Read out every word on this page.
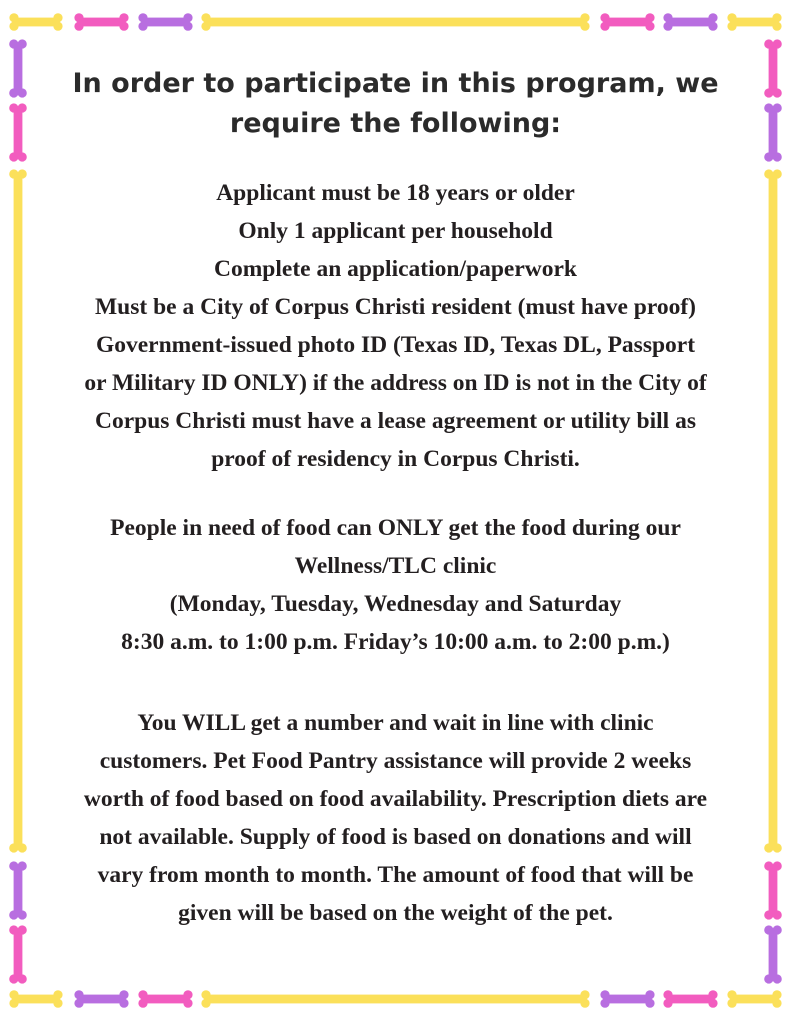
In order to participate in this program, we
require the following:
Applicant must be 18 years or older
Only 1 applicant per household
Complete an application/paperwork
Must be a City of Corpus Christi resident (must have proof)
Government-issued photo ID (Texas ID, Texas DL, Passport
or Military ID ONLY) if the address on ID is not in the City of
Corpus Christi must have a lease agreement or utility bill as
proof of residency in Corpus Christi.
People in need of food can ONLY get the food during our
Wellness/TLC clinic
(Monday, Tuesday, Wednesday and Saturday
8:30 a.m. to 1:00 p.m. Friday’s 10:00 a.m. to 2:00 p.m.)
You WILL get a number and wait in line with clinic
customers. Pet Food Pantry assistance will provide 2 weeks
worth of food based on food availability. Prescription diets are
not available. Supply of food is based on donations and will
vary from month to month. The amount of food that will be
given will be based on the weight of the pet.
